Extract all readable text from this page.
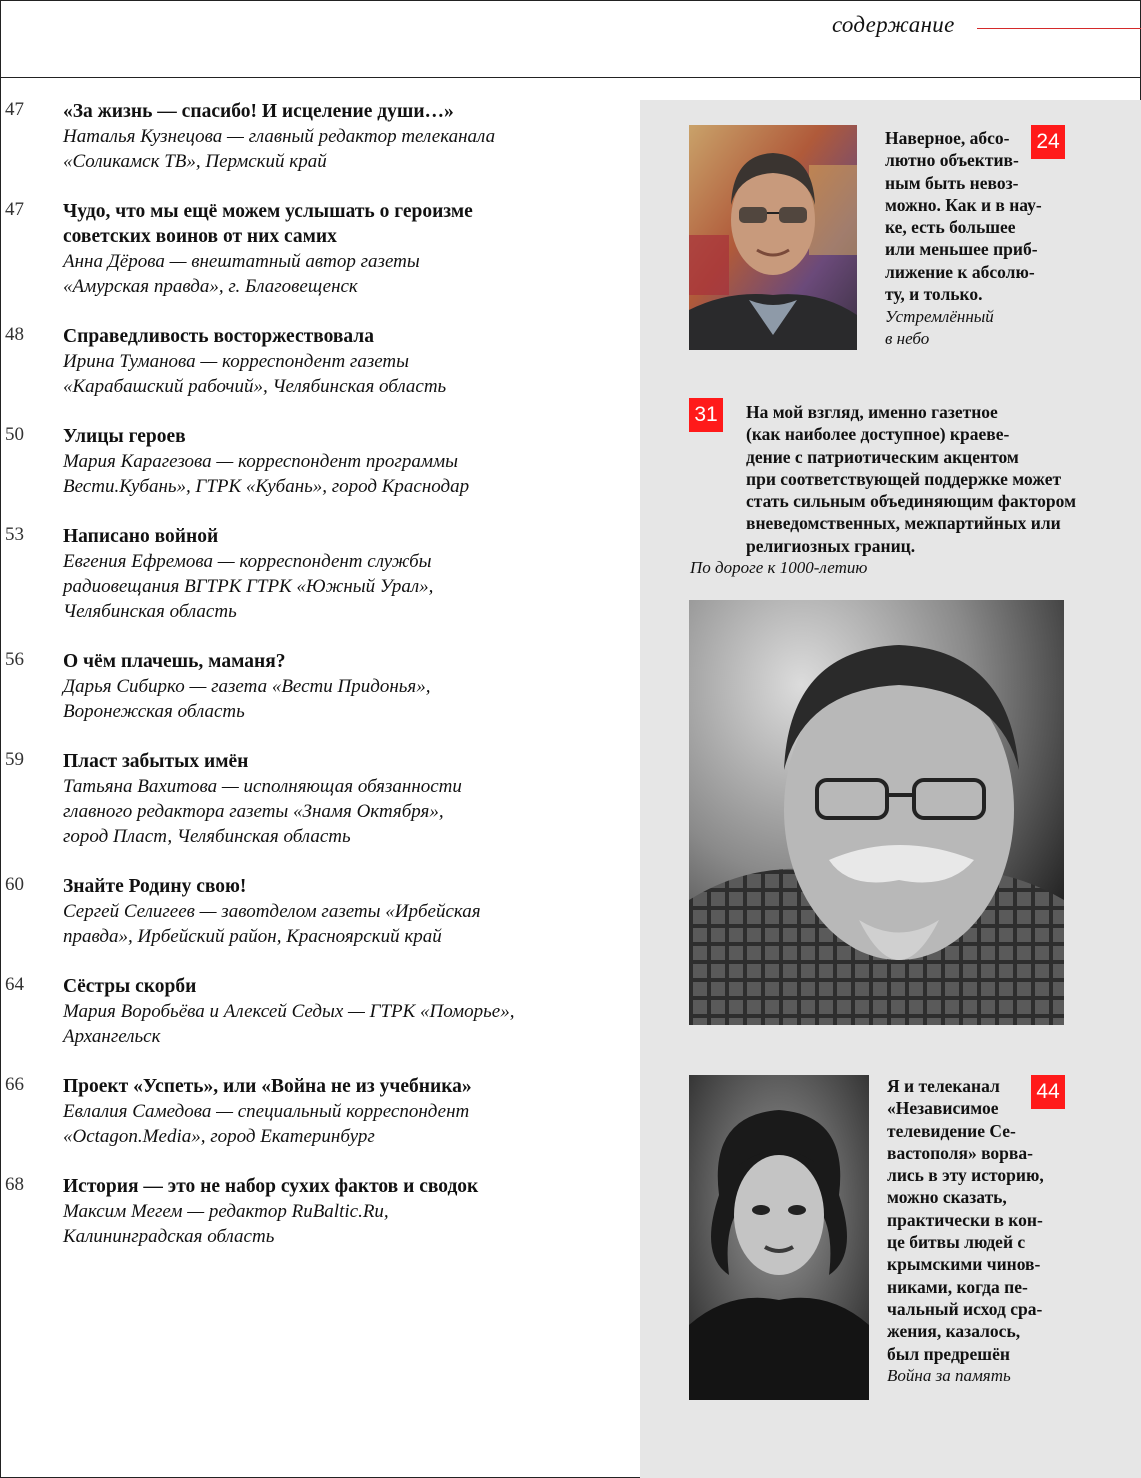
содержание
47 «За жизнь — спасибо! И исцеление души…»
Наталья Кузнецова — главный редактор телеканала
«Соликамск ТВ», Пермский край
47 Чудо, что мы ещё можем услышать о героизме
советских воинов от них самих
Анна Дёрова — внештатный автор газеты
«Амурская правда», г. Благовещенск
48 Справедливость восторжествовала
Ирина Туманова — корреспондент газеты
«Карабашский рабочий», Челябинская область
50 Улицы героев
Мария Карагезова — корреспондент программы
Вести.Кубань», ГТРК «Кубань», город Краснодар
53 Написано войной
Евгения Ефремова — корреспондент службы
радиовещания ВГТРК ГТРК «Южный Урал»,
Челябинская область
56 О чём плачешь, маманя?
Дарья Сибирко — газета «Вести Придонья»,
Воронежская область
59 Пласт забытых имён
Татьяна Вахитова — исполняющая обязанности
главного редактора газеты «Знамя Октября»,
город Пласт, Челябинская область
60 Знайте Родину свою!
Сергей Селигеев — завотделом газеты «Ирбейская
правда», Ирбейский район, Красноярский край
64 Сёстры скорби
Мария Воробьёва и Алексей Седых — ГТРК «Поморье»,
Архангельск
66 Проект «Успеть», или «Война не из учебника»
Евлалия Самедова — специальный корреспондент
«Octagon.Media», город Екатеринбург
68 История — это не набор сухих фактов и сводок
Максим Мегем — редактор RuBaltic.Ru,
Калининградская область
24
Наверное, абсо-
лютно объектив-
ным быть невоз-
можно. Как и в нау-
ке, есть большее
или меньшее приб-
лижение к абсолю-
ту, и только.
Устремлённый
в небо
31	На мой взгляд, именно газетное
(как наиболее доступное) краеве-
дение с патриотическим акцентом
при соответствующей поддержке может
стать сильным объединяющим фактором
вневедомственных, межпартийных или
религиозных границ.
По дороге к 1000-летию
44
Я и телеканал
«Независимое
телевидение Се-
вастополя» ворва-
лись в эту историю,
можно сказать,
практически в кон-
це битвы людей с
крымскими чинов-
никами, когда пе-
чальный исход сра-
жения, казалось,
был предрешён
Война за память
